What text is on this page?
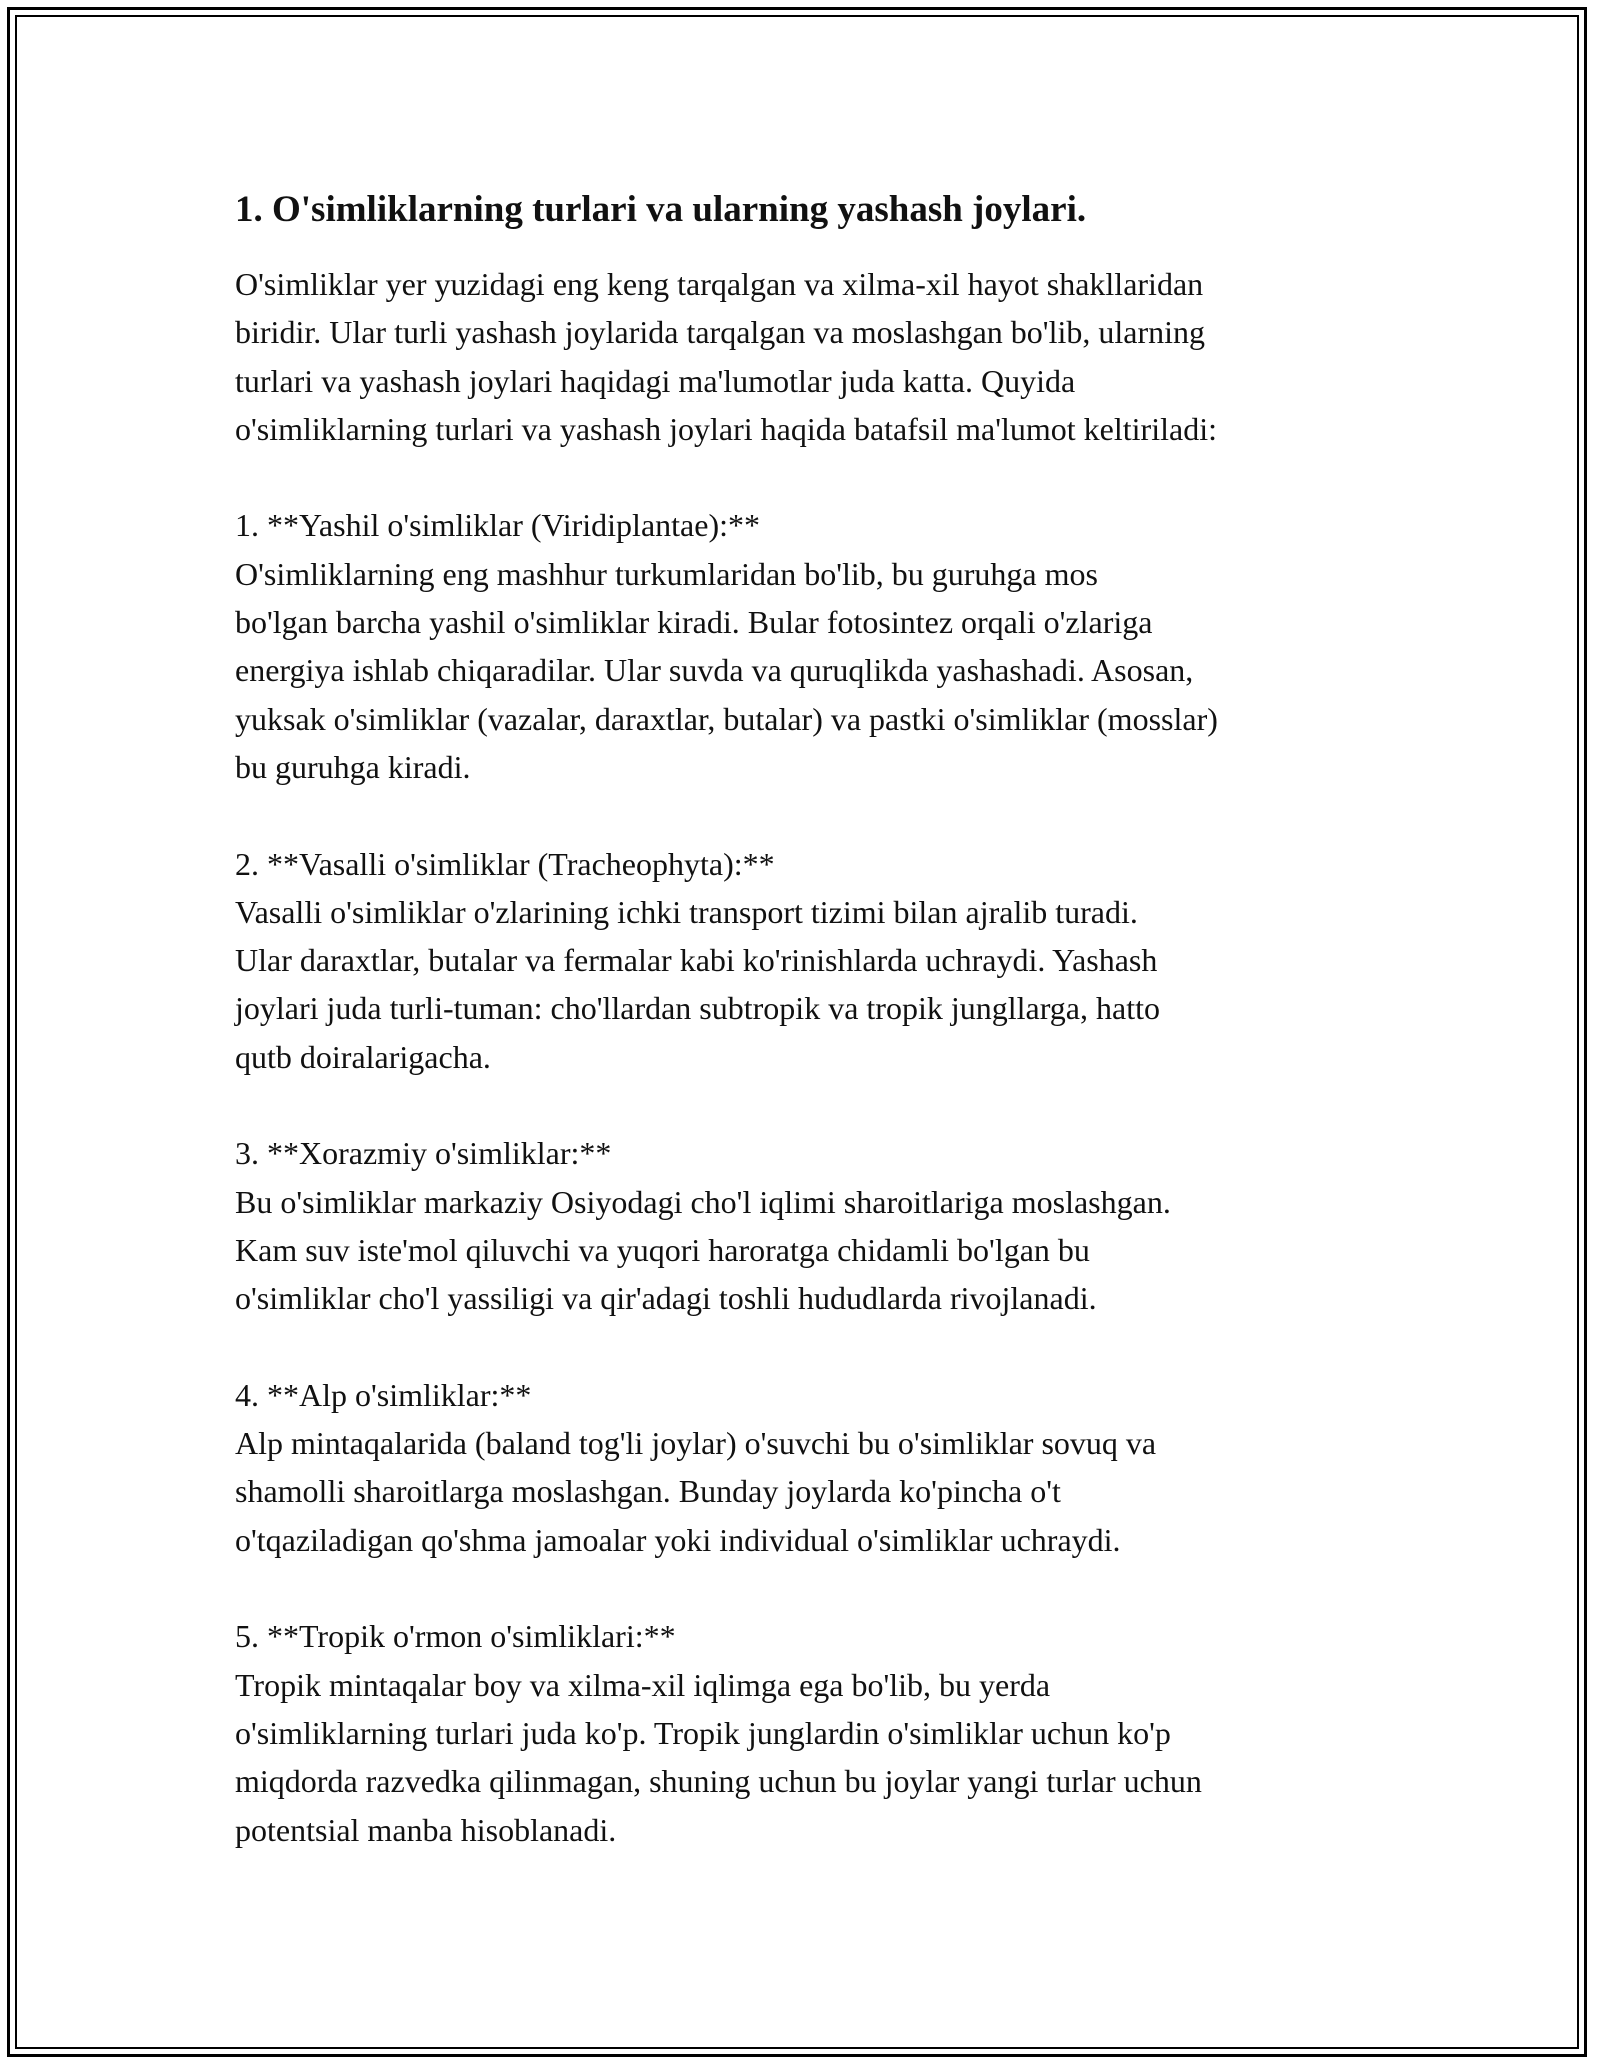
1. O'simliklarning turlari va ularning yashash joylari.

O'simliklar yer yuzidagi eng keng tarqalgan va xilma-xil hayot shakllaridan
biridir. Ular turli yashash joylarida tarqalgan va moslashgan bo'lib, ularning
turlari va yashash joylari haqidagi ma'lumotlar juda katta. Quyida
o'simliklarning turlari va yashash joylari haqida batafsil ma'lumot keltiriladi:

1. **Yashil o'simliklar (Viridiplantae):**

O'simliklarning eng mashhur turkumlaridan bo'lib, bu guruhga mos
bo'lgan barcha yashil o'simliklar kiradi. Bular fotosintez orqali o'zlariga
energiya ishlab chiqaradilar. Ular suvda va quruqlikda yashashadi. Asosan,
yuksak o'simliklar (vazalar, daraxtlar, butalar) va pastki o'simliklar (mosslar)
bu guruhga kiradi.

2. **Vasalli o'simliklar (Tracheophyta):**

Vasalli o'simliklar o'zlarining ichki transport tizimi bilan ajralib turadi.
Ular daraxtlar, butalar va fermalar kabi ko'rinishlarda uchraydi. Yashash
joylari juda turli-tuman: cho'llardan subtropik va tropik jungllarga, hatto
qutb doiralarigacha.

3. **Xorazmiy o'simliklar:**

Bu o'simliklar markaziy Osiyodagi cho'l iqlimi sharoitlariga moslashgan.
Kam suv iste'mol qiluvchi va yuqori haroratga chidamli bo'lgan bu
o'simliklar cho'l yassiligi va qir'adagi toshli hududlarda rivojlanadi.

4. **Alp o'simliklar:**

Alp mintaqalarida (baland tog'li joylar) o'suvchi bu o'simliklar sovuq va
shamolli sharoitlarga moslashgan. Bunday joylarda ko'pincha o't
o'tqaziladigan qo'shma jamoalar yoki individual o'simliklar uchraydi.

5. **Tropik o'rmon o'simliklari:**

Tropik mintaqalar boy va xilma-xil iqlimga ega bo'lib, bu yerda
o'simliklarning turlari juda ko'p. Tropik junglardin o'simliklar uchun ko'p
miqdorda razvedka qilinmagan, shuning uchun bu joylar yangi turlar uchun
potentsial manba hisoblanadi.
